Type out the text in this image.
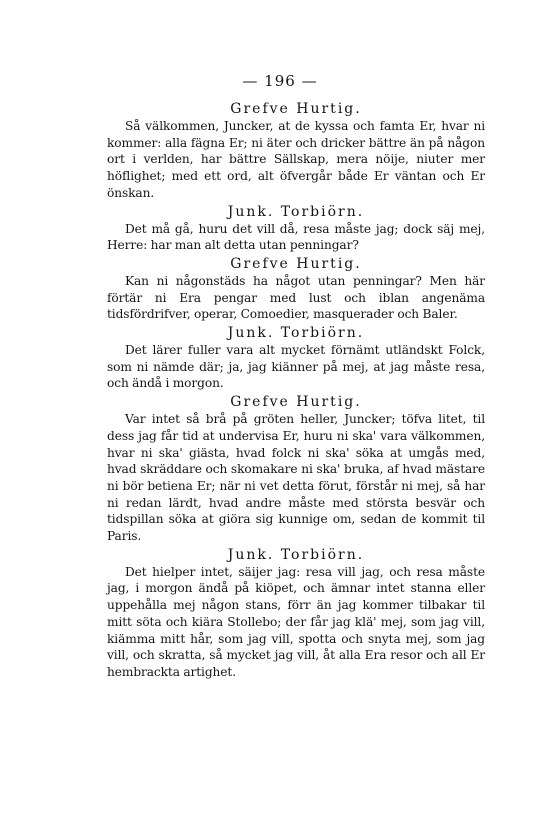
— 196 —

Grefve Hurtig.

Så välkommen, Juncker, at de kyssa och famta Er, hvar ni kommer: alla fägna Er; ni äter och dricker bättre än på någon ort i verlden, har bättre Sällskap, mera nöije, niuter mer höflighet; med ett ord, alt öfvergår både Er väntan och Er önskan.

Junk. Torbiörn.

Det må gå, huru det vill då, resa måste jag; dock säj mej, Herre: har man alt detta utan penningar?

Grefve Hurtig.

Kan ni någonstäds ha något utan penningar? Men här förtär ni Era pengar med lust och iblan angenäma tidsfördrifver, operar, Comoedier, masquerader och Baler.

Junk. Torbiörn.

Det lärer fuller vara alt mycket förnämt utländskt Folck, som ni nämde där; ja, jag kiänner på mej, at jag måste resa, och ändå i morgon.

Grefve Hurtig.

Var intet så brå på gröten heller, Juncker; töfva litet, til dess jag får tid at undervisa Er, huru ni ska' vara välkommen, hvar ni ska' giästa, hvad folck ni ska' söka at umgås med, hvad skräddare och skomakare ni ska' bruka, af hvad mästare ni bör betiena Er; när ni vet detta förut, förstår ni mej, så har ni redan lärdt, hvad andre måste med största besvär och tidspillan söka at giöra sig kunnige om, sedan de kommit til Paris.

Junk. Torbiörn.

Det hielper intet, säijer jag: resa vill jag, och resa måste jag, i morgon ändå på kiöpet, och ämnar intet stanna eller uppehålla mej någon stans, förr än jag kommer tilbakar til mitt söta och kiära Stollebo; der får jag klä' mej, som jag vill, kiämma mitt hår, som jag vill, spotta och snyta mej, som jag vill, och skratta, så mycket jag vill, åt alla Era resor och all Er hembrackta artighet.
